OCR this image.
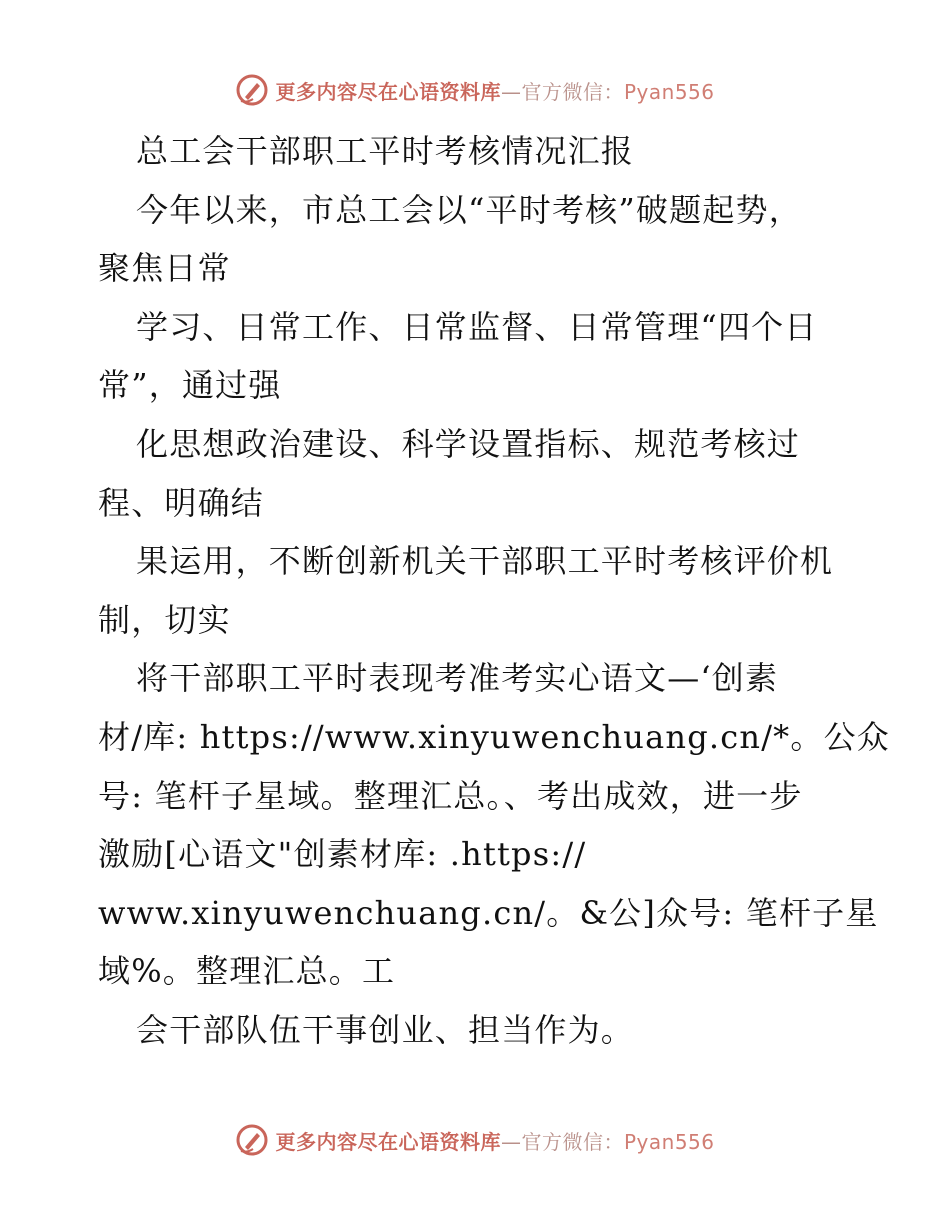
更多内容尽在心语资料库—官方微信：Pyan556
总工会干部职工平时考核情况汇报
今年以来，市总工会以“平时考核”破题起势，
聚焦日常
学习、日常工作、日常监督、日常管理“四个日
常”，通过强
化思想政治建设、科学设置指标、规范考核过
程、明确结
果运用，不断创新机关干部职工平时考核评价机
制，切实
将干部职工平时表现考准考实心语文—‘创素
材/库: https://www.xinyuwenchuang.cn/*。公众
号: 笔杆子星域。整理汇总。、考出成效，进一步
激励[心语文"创素材库: .https://
www.xinyuwenchuang.cn/。&公]众号: 笔杆子星
域%。整理汇总。工
会干部队伍干事创业、担当作为。
更多内容尽在心语资料库—官方微信：Pyan556
